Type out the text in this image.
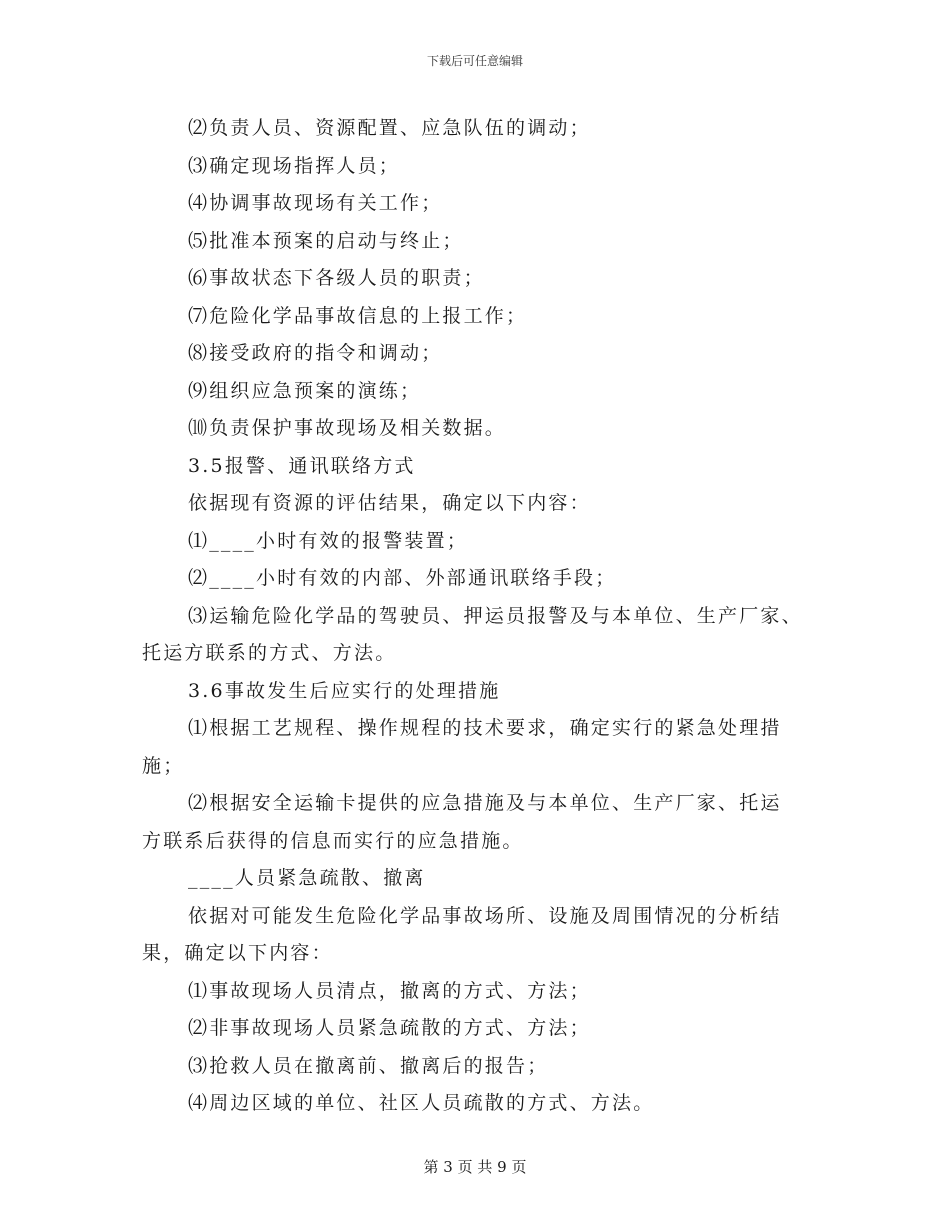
下载后可任意编辑
⑵负责人员、资源配置、应急队伍的调动；
⑶确定现场指挥人员；
⑷协调事故现场有关工作；
⑸批准本预案的启动与终止；
⑹事故状态下各级人员的职责；
⑺危险化学品事故信息的上报工作；
⑻接受政府的指令和调动；
⑼组织应急预案的演练；
⑽负责保护事故现场及相关数据。
3.5报警、通讯联络方式
依据现有资源的评估结果，确定以下内容：
⑴____小时有效的报警装置；
⑵____小时有效的内部、外部通讯联络手段；
⑶运输危险化学品的驾驶员、押运员报警及与本单位、生产厂家、
托运方联系的方式、方法。
3.6事故发生后应实行的处理措施
⑴根据工艺规程、操作规程的技术要求，确定实行的紧急处理措
施；
⑵根据安全运输卡提供的应急措施及与本单位、生产厂家、托运
方联系后获得的信息而实行的应急措施。
____人员紧急疏散、撤离
依据对可能发生危险化学品事故场所、设施及周围情况的分析结
果，确定以下内容：
⑴事故现场人员清点，撤离的方式、方法；
⑵非事故现场人员紧急疏散的方式、方法；
⑶抢救人员在撤离前、撤离后的报告；
⑷周边区域的单位、社区人员疏散的方式、方法。
第 3 页 共 9 页
